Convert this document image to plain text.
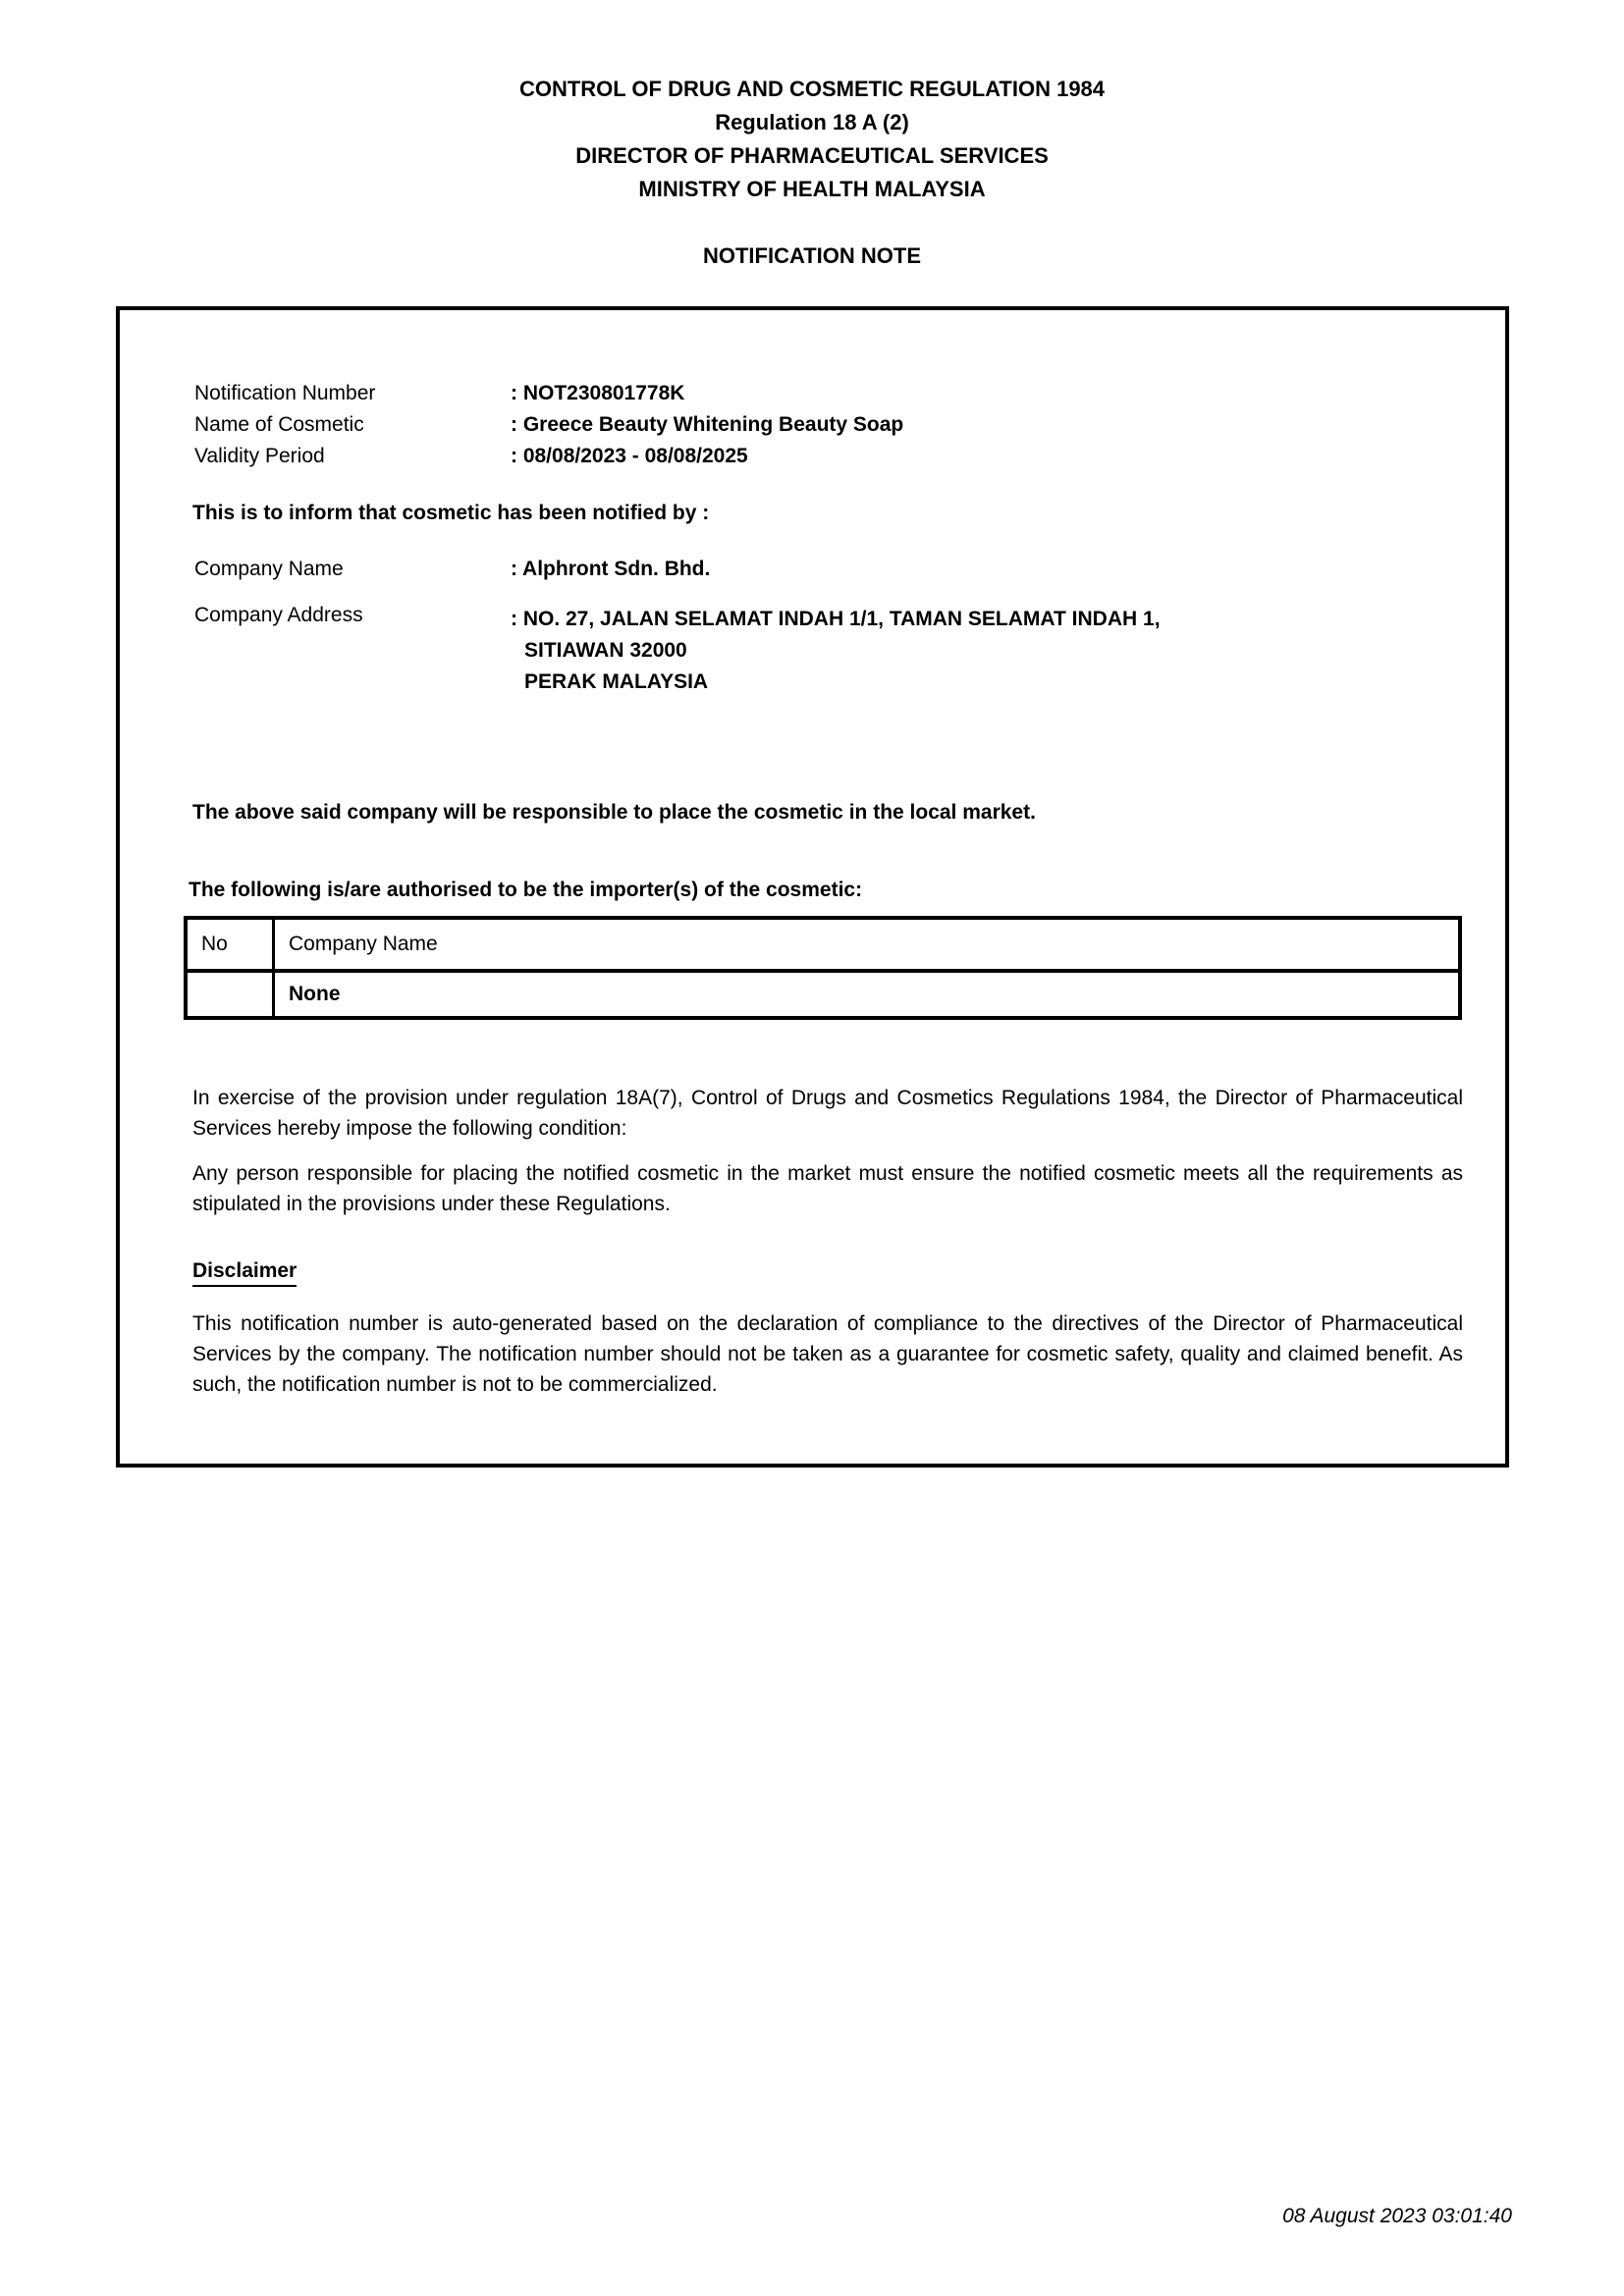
CONTROL OF DRUG AND COSMETIC REGULATION 1984
Regulation 18 A (2)
DIRECTOR OF PHARMACEUTICAL SERVICES
MINISTRY OF HEALTH MALAYSIA
NOTIFICATION NOTE
Notification Number	: NOT230801778K
Name of Cosmetic	: Greece Beauty Whitening Beauty Soap
Validity Period	: 08/08/2023 - 08/08/2025
This is to inform that cosmetic has been notified by :
Company Name	: Alphront Sdn. Bhd.
Company Address	: NO. 27, JALAN SELAMAT INDAH 1/1, TAMAN SELAMAT INDAH 1,
SITIAWAN 32000
PERAK MALAYSIA
The above said company will be responsible to place the cosmetic in the local market.
The following is/are authorised to be the importer(s) of the cosmetic:
No	Company Name
	None
In exercise of the provision under regulation 18A(7), Control of Drugs and Cosmetics Regulations 1984, the Director of Pharmaceutical Services hereby impose the following condition:
Any person responsible for placing the notified cosmetic in the market must ensure the notified cosmetic meets all the requirements as stipulated in the provisions under these Regulations.
Disclaimer
This notification number is auto-generated based on the declaration of compliance to the directives of the Director of Pharmaceutical Services by the company. The notification number should not be taken as a guarantee for cosmetic safety, quality and claimed benefit. As such, the notification number is not to be commercialized.
08 August 2023 03:01:40
